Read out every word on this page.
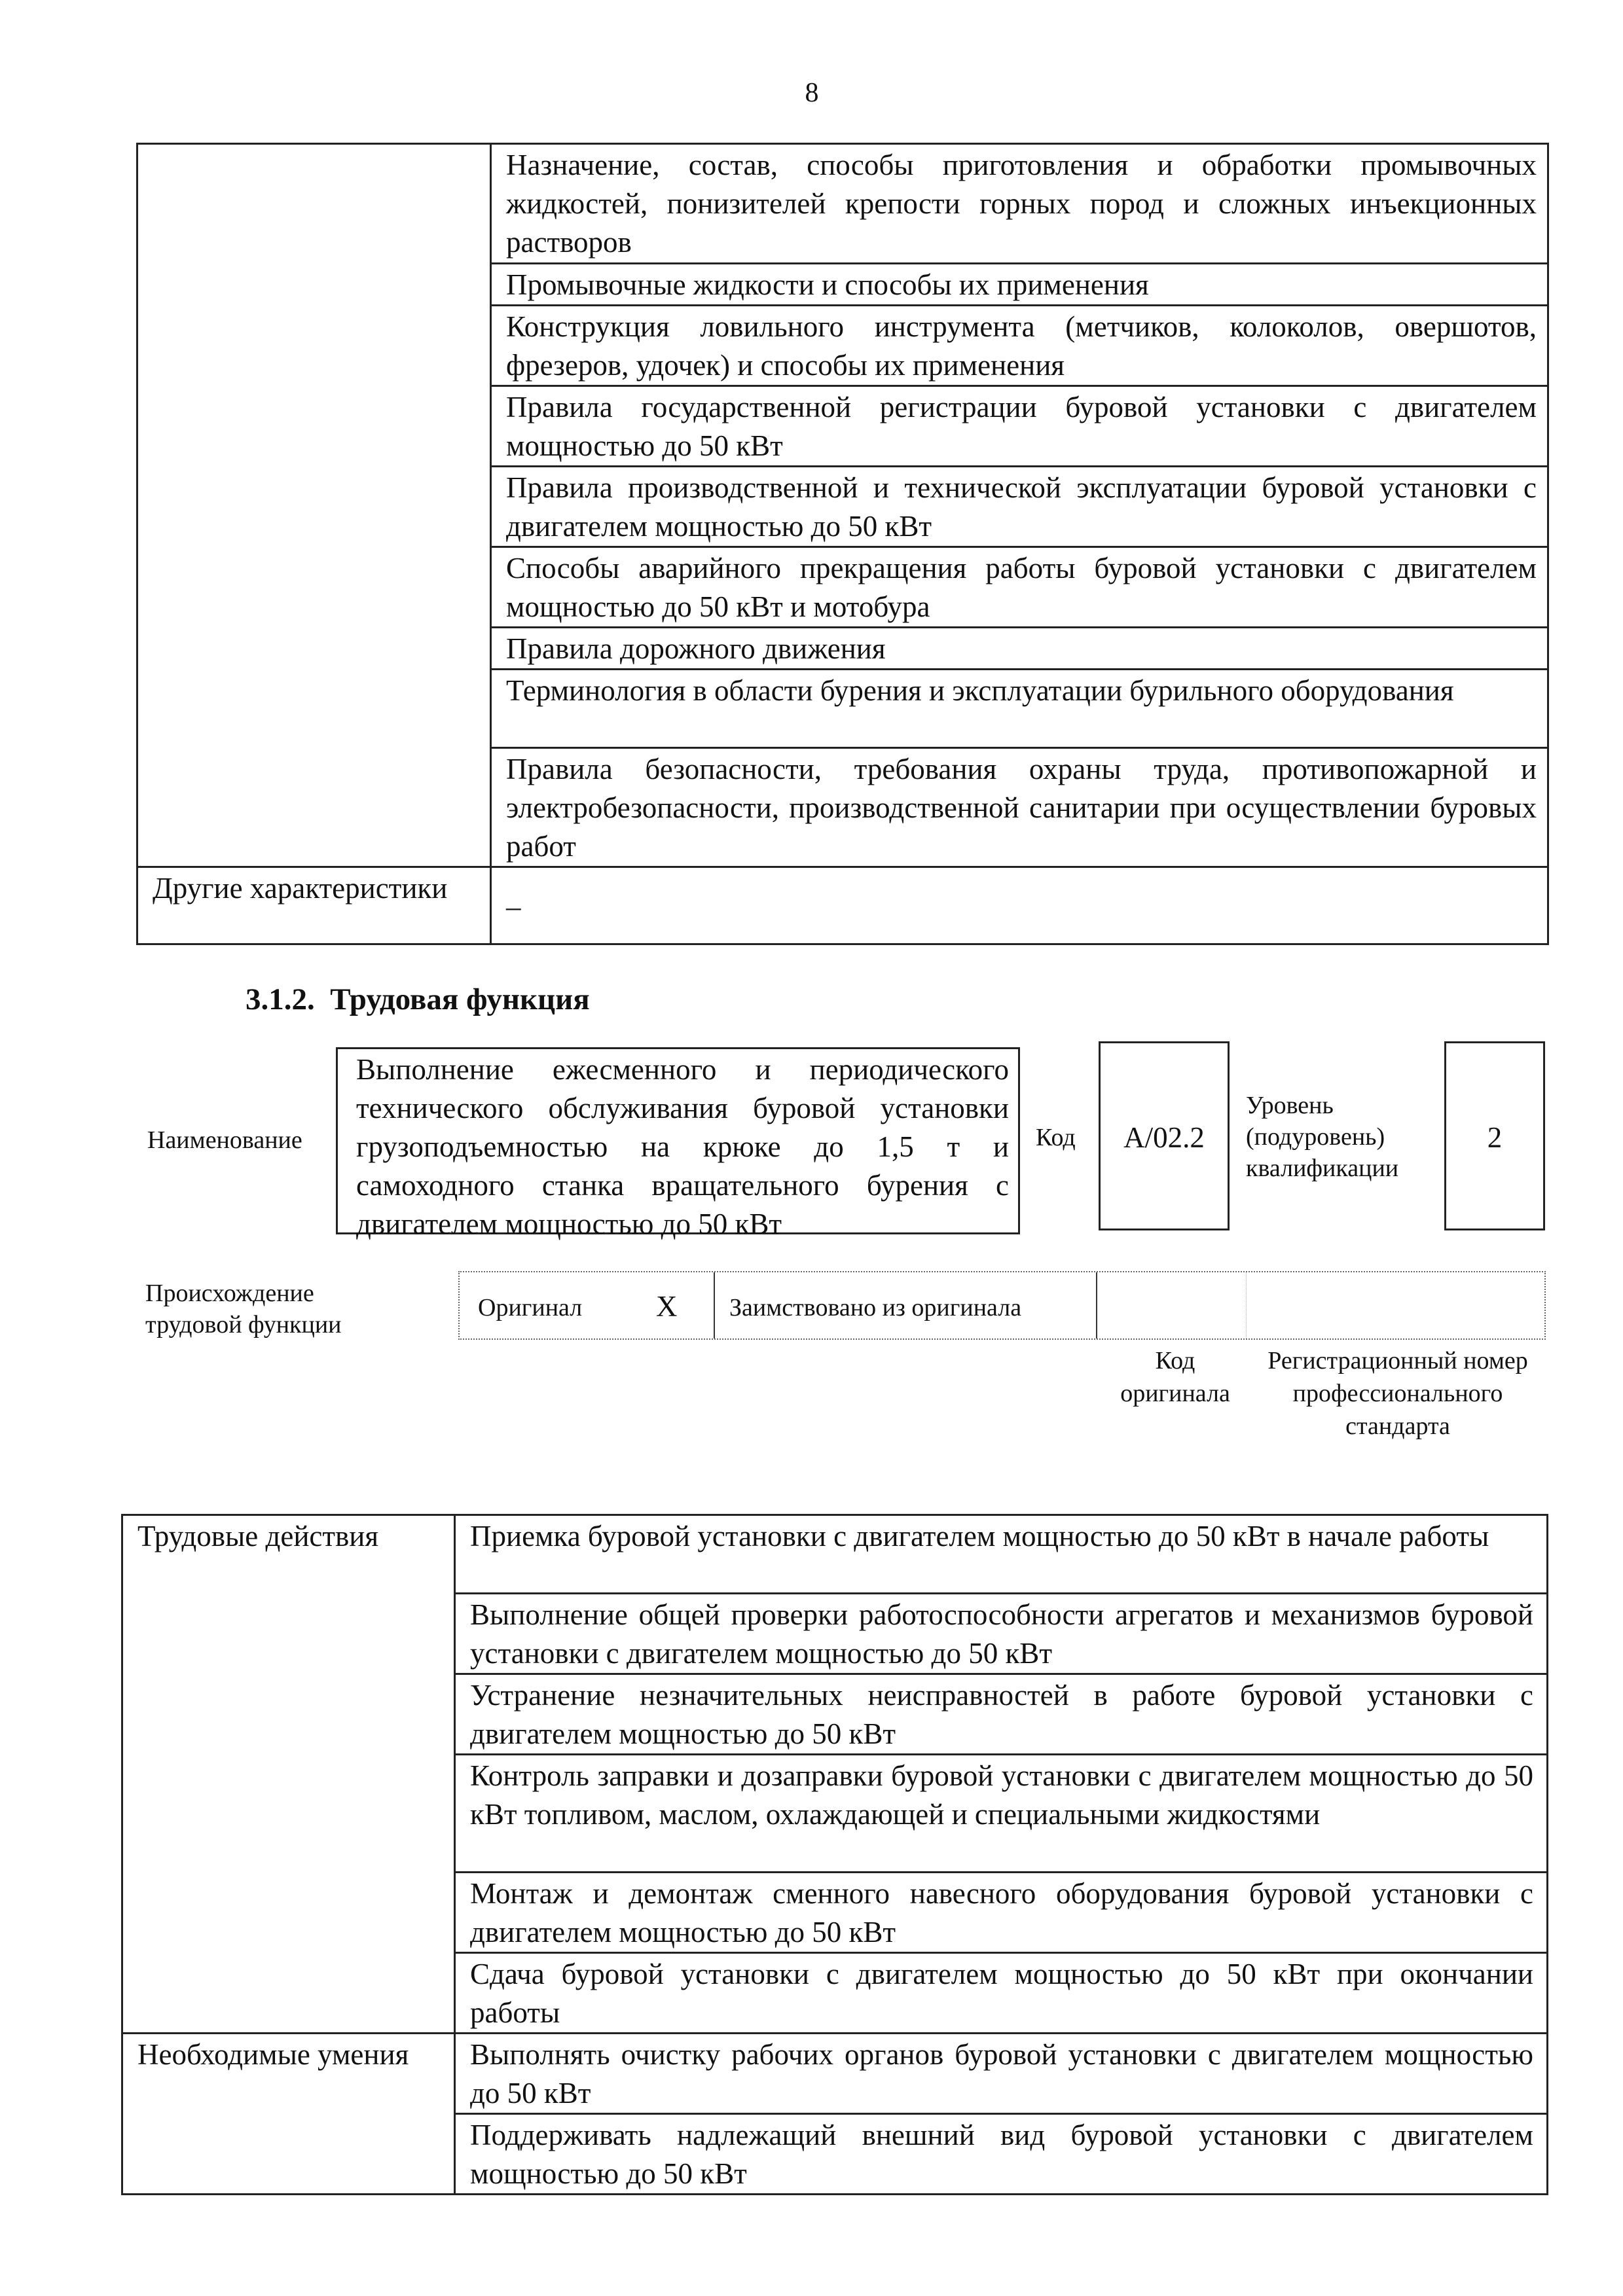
8
	Назначение, состав, способы приготовления и обработки промывочных жидкостей, понизителей крепости горных пород и сложных инъекционных растворов
	Промывочные жидкости и способы их применения
	Конструкция ловильного инструмента (метчиков, колоколов, овершотов, фрезеров, удочек) и способы их применения
	Правила государственной регистрации буровой установки с двигателем мощностью до 50 кВт
	Правила производственной и технической эксплуатации буровой установки с двигателем мощностью до 50 кВт
	Способы аварийного прекращения работы буровой установки с двигателем мощностью до 50 кВт и мотобура
	Правила дорожного движения
	Терминология в области бурения и эксплуатации бурильного оборудования
	Правила безопасности, требования охраны труда, противопожарной и электробезопасности, производственной санитарии при осуществлении буровых работ
Другие характеристики	–
3.1.2. Трудовая функция
Наименование
Выполнение ежесменного и периодического технического обслуживания буровой установки грузоподъемностью на крюке до 1,5 т и самоходного станка вращательного бурения с двигателем мощностью до 50 кВт
Код	А/02.2
Уровень (подуровень) квалификации
2
Происхождение трудовой функции
Оригинал	X Заимствовано из оригинала
Код оригинала
Регистрационный номер профессионального стандарта
Трудовые действия	Приемка буровой установки с двигателем мощностью до 50 кВт в начале работы
	Выполнение общей проверки работоспособности агрегатов и механизмов буровой установки с двигателем мощностью до 50 кВт
	Устранение незначительных неисправностей в работе буровой установки с двигателем мощностью до 50 кВт
	Контроль заправки и дозаправки буровой установки с двигателем мощностью до 50 кВт топливом, маслом, охлаждающей и специальными жидкостями
	Монтаж и демонтаж сменного навесного оборудования буровой установки с двигателем мощностью до 50 кВт
	Сдача буровой установки с двигателем мощностью до 50 кВт при окончании работы
Необходимые умения	Выполнять очистку рабочих органов буровой установки с двигателем мощностью до 50 кВт
	Поддерживать надлежащий внешний вид буровой установки с двигателем мощностью до 50 кВт
